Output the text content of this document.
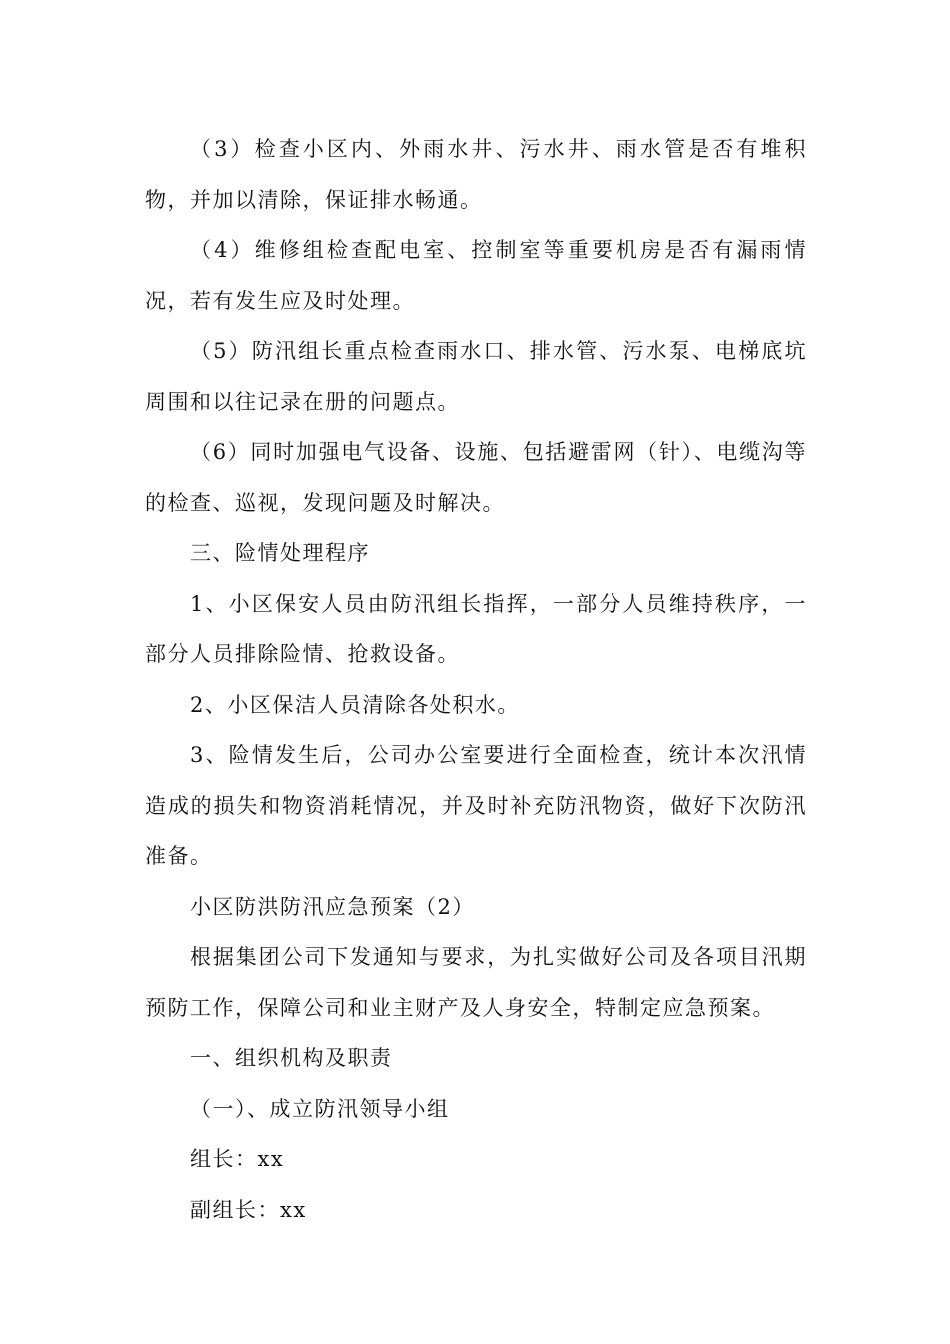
（3）检查小区内、外雨水井、污水井、雨水管是否有堆积物，并加以清除，保证排水畅通。

（4）维修组检查配电室、控制室等重要机房是否有漏雨情况，若有发生应及时处理。

（5）防汛组长重点检查雨水口、排水管、污水泵、电梯底坑周围和以往记录在册的问题点。

（6）同时加强电气设备、设施、包括避雷网（针）、电缆沟等的检查、巡视，发现问题及时解决。

三、险情处理程序

1、小区保安人员由防汛组长指挥，一部分人员维持秩序，一部分人员排除险情、抢救设备。

2、小区保洁人员清除各处积水。

3、险情发生后，公司办公室要进行全面检查，统计本次汛情造成的损失和物资消耗情况，并及时补充防汛物资，做好下次防汛准备。

小区防洪防汛应急预案（2）

根据集团公司下发通知与要求，为扎实做好公司及各项目汛期预防工作，保障公司和业主财产及人身安全，特制定应急预案。

一、组织机构及职责

（一）、成立防汛领导小组

组长：xx

副组长：xx
